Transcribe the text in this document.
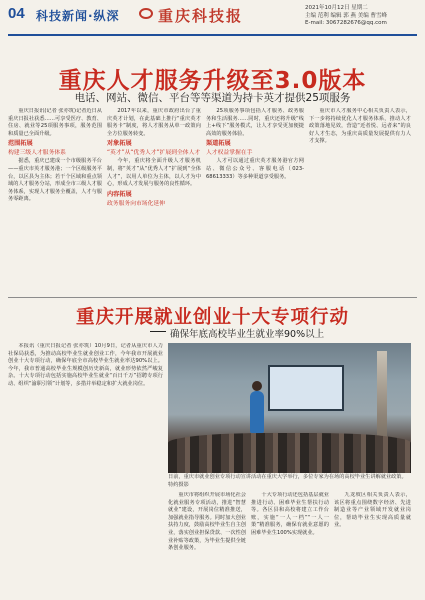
04 科技新闻·纵深	重庆科技报	2021年10月12日 星期二
主编 范利 编辑 郭 燕 美编 曹雪峰
E-mail: 3067282676@qq.com
重庆人才服务升级至3.0版本
电话、网站、微信、平台等等渠道为持卡英才提供25项服务

重庆日报讯(记者 张亦筑)记者近日从重庆日报社获悉……可享受医疗、教育、住房、就业等25项服务事项，服务范围和质量已全面升级。

范围拓展

构建三级人才服务体系

据悉，重庆已建成一个市级服务平台——重庆市英才服务港；一个区级服务平台，以区县为主体；若干个区域和重点领域的人才服务分站，形成全市三级人才服务体系，实现人才服务全覆盖，人才与服务零距离。

2017年以来，重庆市政府出台了重庆英才计划，在此基础上推行“重庆英才服务卡”制度，将人才服务从单一政策向全方位服务转变。

对象拓展

“英才”从“优秀人才”扩展到全体人才

今年，重庆将全面升级人才服务机制，将“英才”从“优秀人才”扩展到“全体人才”，以用人单位为主体，以人才为中心，形成人才发展与服务的良性循环。

内容拓展

政务服务向市场化延伸

25项服务事项包括人才服务、政务服务和生活服务……同时，重庆还将升级“线上+线下”服务模式，让人才享受更加便捷高效的服务体验。

渠道拓展

人才权益掌握在手

人才可以通过重庆英才服务港官方网站、微信公众号、客服电话（023-68613333）等多种渠道享受服务。

重庆市人才服务中心相关负责人表示，下一步将持续优化人才服务体系，推动人才政策落地见效，营造“近者悦、远者来”的良好人才生态，为重庆高质量发展提供有力人才支撑。

重庆开展就业创业十大专项行动
确保年底高校毕业生就业率90%以上

本报讯（重庆日报记者 张亦筑）10月9日，记者从重庆市人力社保局获悉，为推动高校毕业生就业创业工作，今年我市开展就业创业十大专项行动，确保年底全市高校毕业生就业率达90%以上。今年，我市普通高校毕业生规模创历史新高，就业形势依然严峻复杂。十大专项行动包括实施高校毕业生就业“百日千万”招聘专项行动、组织“渝职引领”计划等，多措并举稳定和扩大就业岗位。

日前，重庆市就业创业专项行动宣讲活动在重庆大学举行，多位专家为在场的高校毕业生讲解就业政策。 特约摄影

重庆市将组织开展市场化社会化就业服务专项活动，推进“智慧就业”建设，开展岗位精准推送，加强就业指导服务。同时加大创业扶持力度，鼓励高校毕业生自主创业，落实创业担保贷款、一次性创业补贴等政策，为毕业生提供全链条创业服务。

十大专项行动还包括基层就业推进行动、困难毕业生帮扶行动等。各区县和高校将建立工作台账，实施“一人一档”“一人一策”精准服务，确保有就业意愿的困难毕业生100%实现就业。

九龙坡区相关负责人表示，该区将重点围绕数字经济、先进制造业等产业领域开发就业岗位，帮助毕业生实现高质量就业。
